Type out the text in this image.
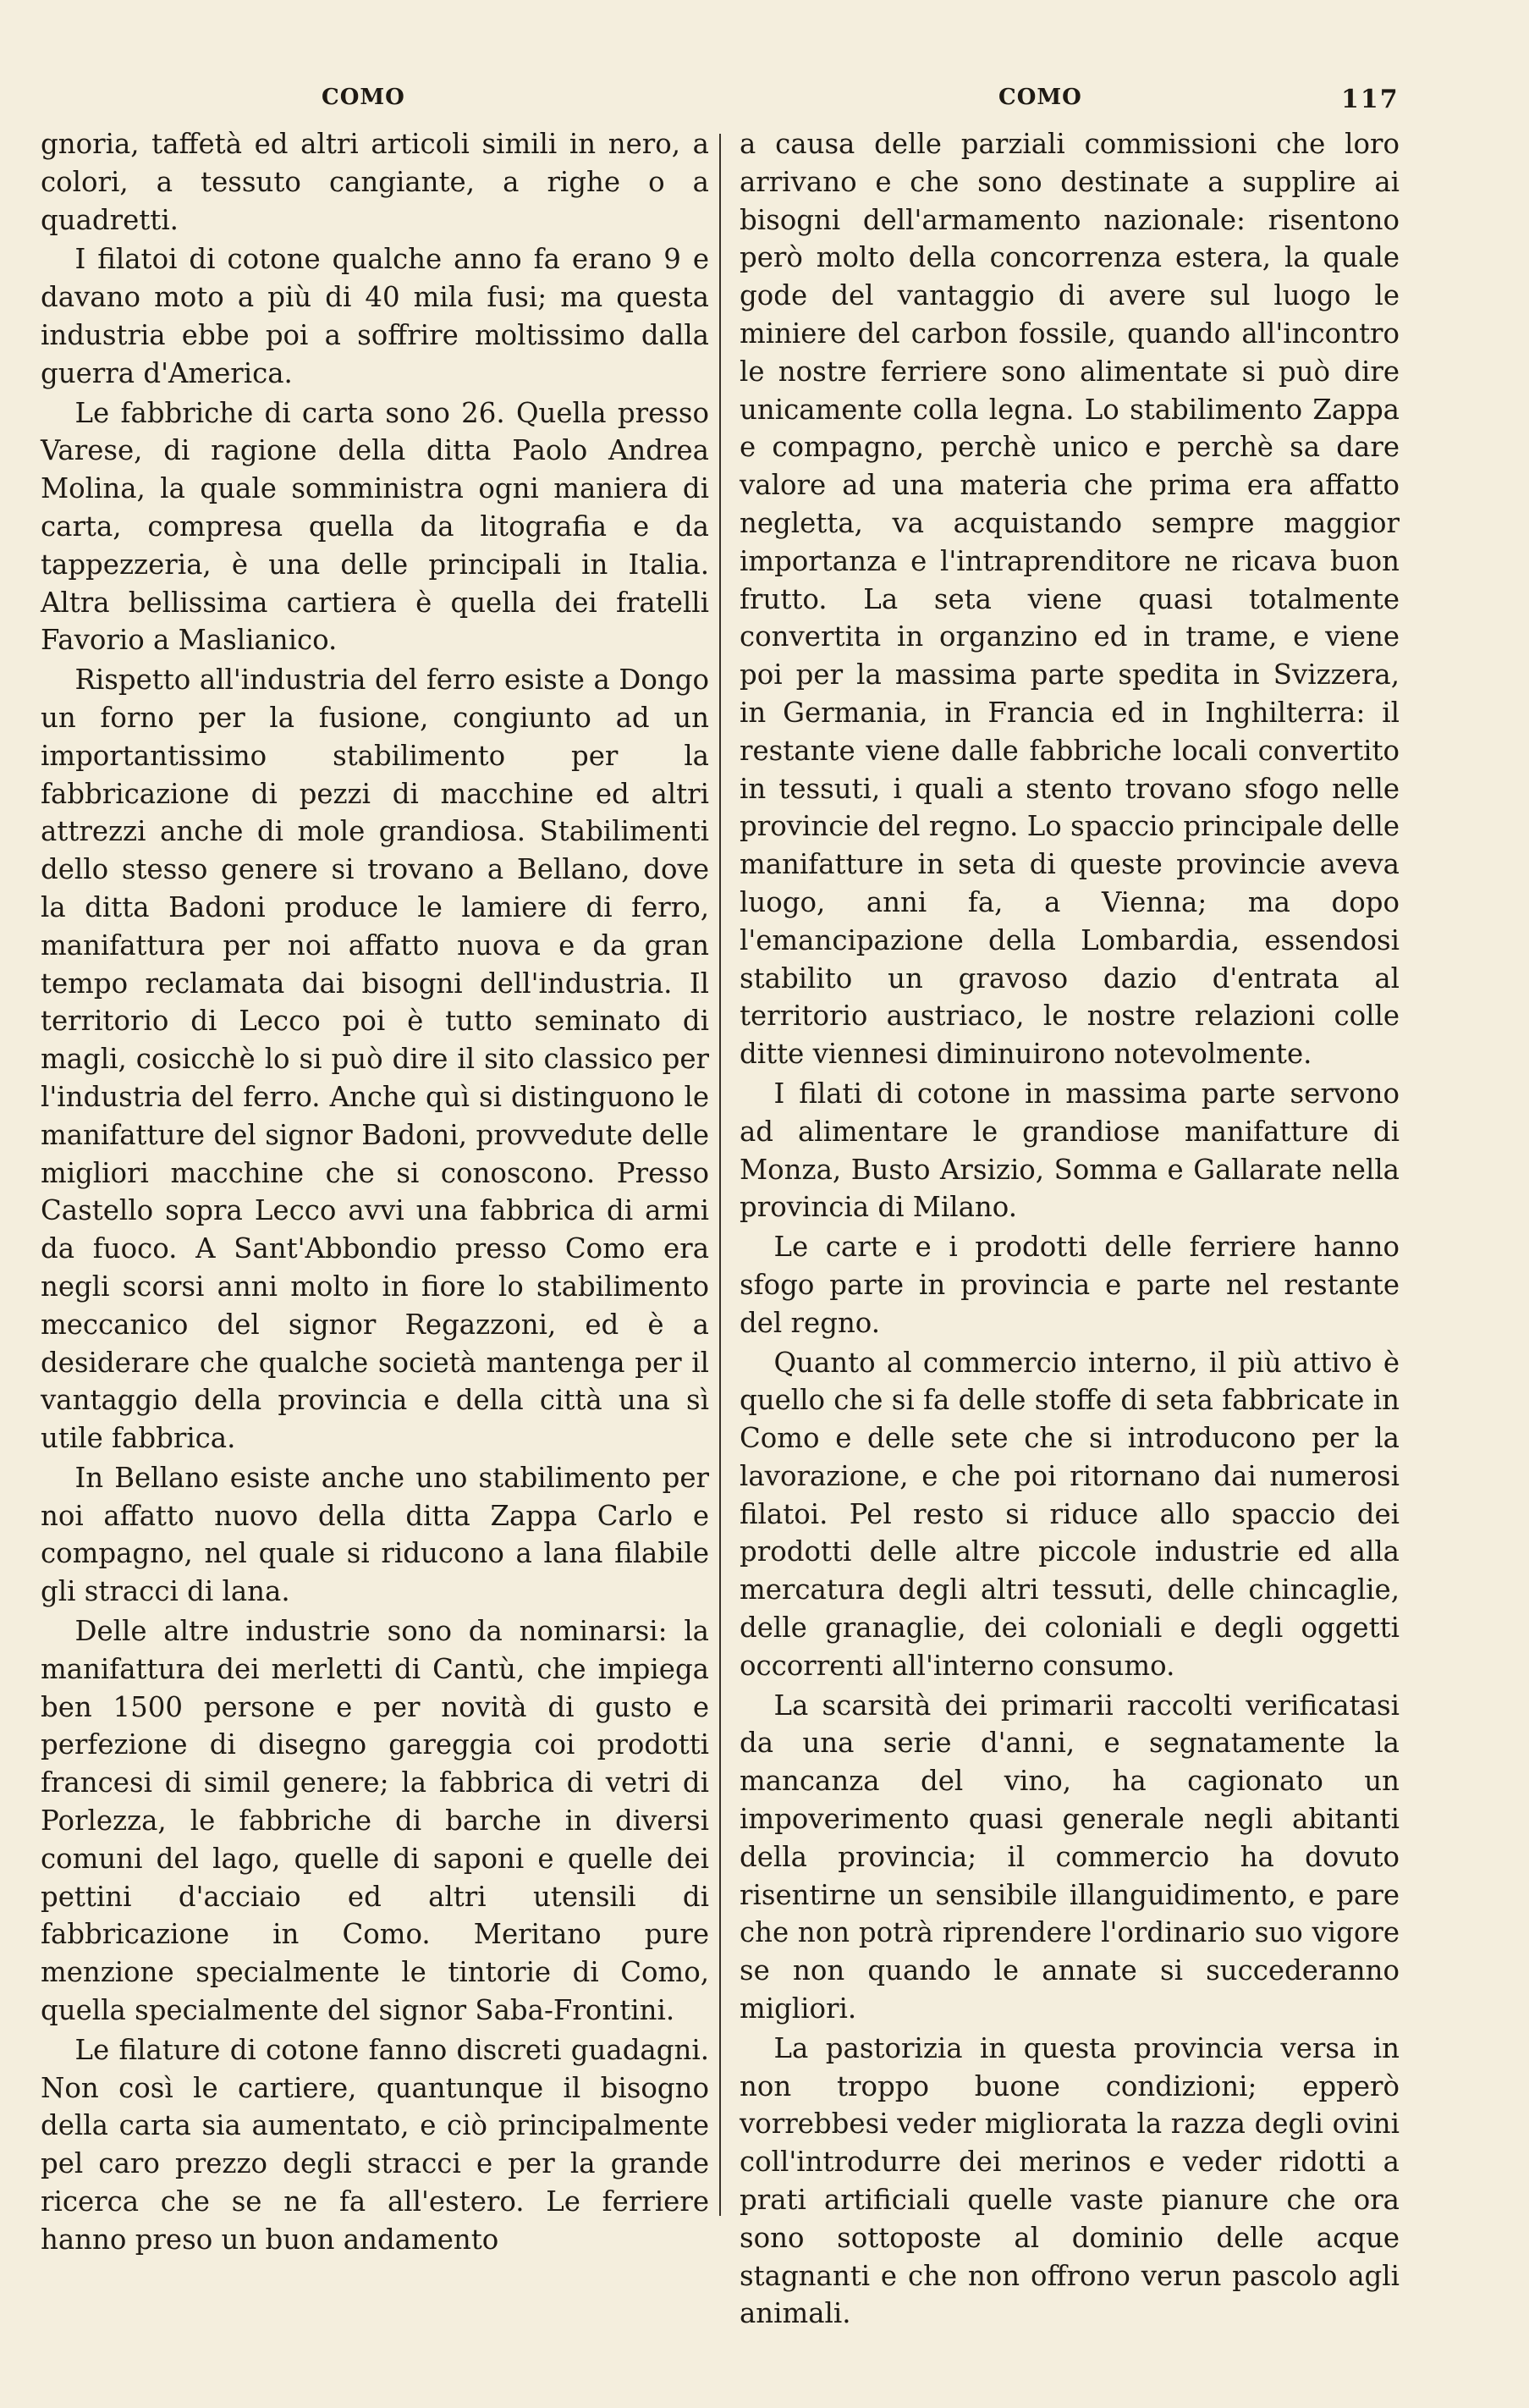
COMO	COMO	117

gnoria, taffetà ed altri articoli simili in nero, a colori, a tessuto cangiante, a righe o a quadretti.

I filatoi di cotone qualche anno fa erano 9 e davano moto a più di 40 mila fusi; ma questa industria ebbe poi a soffrire moltissimo dalla guerra d'America.

Le fabbriche di carta sono 26. Quella presso Varese, di ragione della ditta Paolo Andrea Molina, la quale somministra ogni maniera di carta, compresa quella da litografia e da tappezzeria, è una delle principali in Italia. Altra bellissima cartiera è quella dei fratelli Favorio a Maslianico.

Rispetto all'industria del ferro esiste a Dongo un forno per la fusione, congiunto ad un importantissimo stabilimento per la fabbricazione di pezzi di macchine ed altri attrezzi anche di mole grandiosa. Stabilimenti dello stesso genere si trovano a Bellano, dove la ditta Badoni produce le lamiere di ferro, manifattura per noi affatto nuova e da gran tempo reclamata dai bisogni dell'industria. Il territorio di Lecco poi è tutto seminato di magli, cosicchè lo si può dire il sito classico per l'industria del ferro. Anche quì si distinguono le manifatture del signor Badoni, provvedute delle migliori macchine che si conoscono. Presso Castello sopra Lecco avvi una fabbrica di armi da fuoco. A Sant'Abbondio presso Como era negli scorsi anni molto in fiore lo stabilimento meccanico del signor Regazzoni, ed è a desiderare che qualche società mantenga per il vantaggio della provincia e della città una sì utile fabbrica.

In Bellano esiste anche uno stabilimento per noi affatto nuovo della ditta Zappa Carlo e compagno, nel quale si riducono a lana filabile gli stracci di lana.

Delle altre industrie sono da nominarsi: la manifattura dei merletti di Cantù, che impiega ben 1500 persone e per novità di gusto e perfezione di disegno gareggia coi prodotti francesi di simil genere; la fabbrica di vetri di Porlezza, le fabbriche di barche in diversi comuni del lago, quelle di saponi e quelle dei pettini d'acciaio ed altri utensili di fabbricazione in Como. Meritano pure menzione specialmente le tintorie di Como, quella specialmente del signor Saba-Frontini.

Le filature di cotone fanno discreti guadagni. Non così le cartiere, quantunque il bisogno della carta sia aumentato, e ciò principalmente pel caro prezzo degli stracci e per la grande ricerca che se ne fa all'estero. Le ferriere hanno preso un buon andamento

a causa delle parziali commissioni che loro arrivano e che sono destinate a supplire ai bisogni dell'armamento nazionale: risentono però molto della concorrenza estera, la quale gode del vantaggio di avere sul luogo le miniere del carbon fossile, quando all'incontro le nostre ferriere sono alimentate si può dire unicamente colla legna. Lo stabilimento Zappa e compagno, perchè unico e perchè sa dare valore ad una materia che prima era affatto negletta, va acquistando sempre maggior importanza e l'intraprenditore ne ricava buon frutto. La seta viene quasi totalmente convertita in organzino ed in trame, e viene poi per la massima parte spedita in Svizzera, in Germania, in Francia ed in Inghilterra: il restante viene dalle fabbriche locali convertito in tessuti, i quali a stento trovano sfogo nelle provincie del regno. Lo spaccio principale delle manifatture in seta di queste provincie aveva luogo, anni fa, a Vienna; ma dopo l'emancipazione della Lombardia, essendosi stabilito un gravoso dazio d'entrata al territorio austriaco, le nostre relazioni colle ditte viennesi diminuirono notevolmente.

I filati di cotone in massima parte servono ad alimentare le grandiose manifatture di Monza, Busto Arsizio, Somma e Gallarate nella provincia di Milano.

Le carte e i prodotti delle ferriere hanno sfogo parte in provincia e parte nel restante del regno.

Quanto al commercio interno, il più attivo è quello che si fa delle stoffe di seta fabbricate in Como e delle sete che si introducono per la lavorazione, e che poi ritornano dai numerosi filatoi. Pel resto si riduce allo spaccio dei prodotti delle altre piccole industrie ed alla mercatura degli altri tessuti, delle chincaglie, delle granaglie, dei coloniali e degli oggetti occorrenti all'interno consumo.

La scarsità dei primarii raccolti verificatasi da una serie d'anni, e segnatamente la mancanza del vino, ha cagionato un impoverimento quasi generale negli abitanti della provincia; il commercio ha dovuto risentirne un sensibile illanguidimento, e pare che non potrà riprendere l'ordinario suo vigore se non quando le annate si succederanno migliori.

La pastorizia in questa provincia versa in non troppo buone condizioni; epperò vorrebbesi veder migliorata la razza degli ovini coll'introdurre dei merinos e veder ridotti a prati artificiali quelle vaste pianure che ora sono sottoposte al dominio delle acque stagnanti e che non offrono verun pascolo agli animali.
